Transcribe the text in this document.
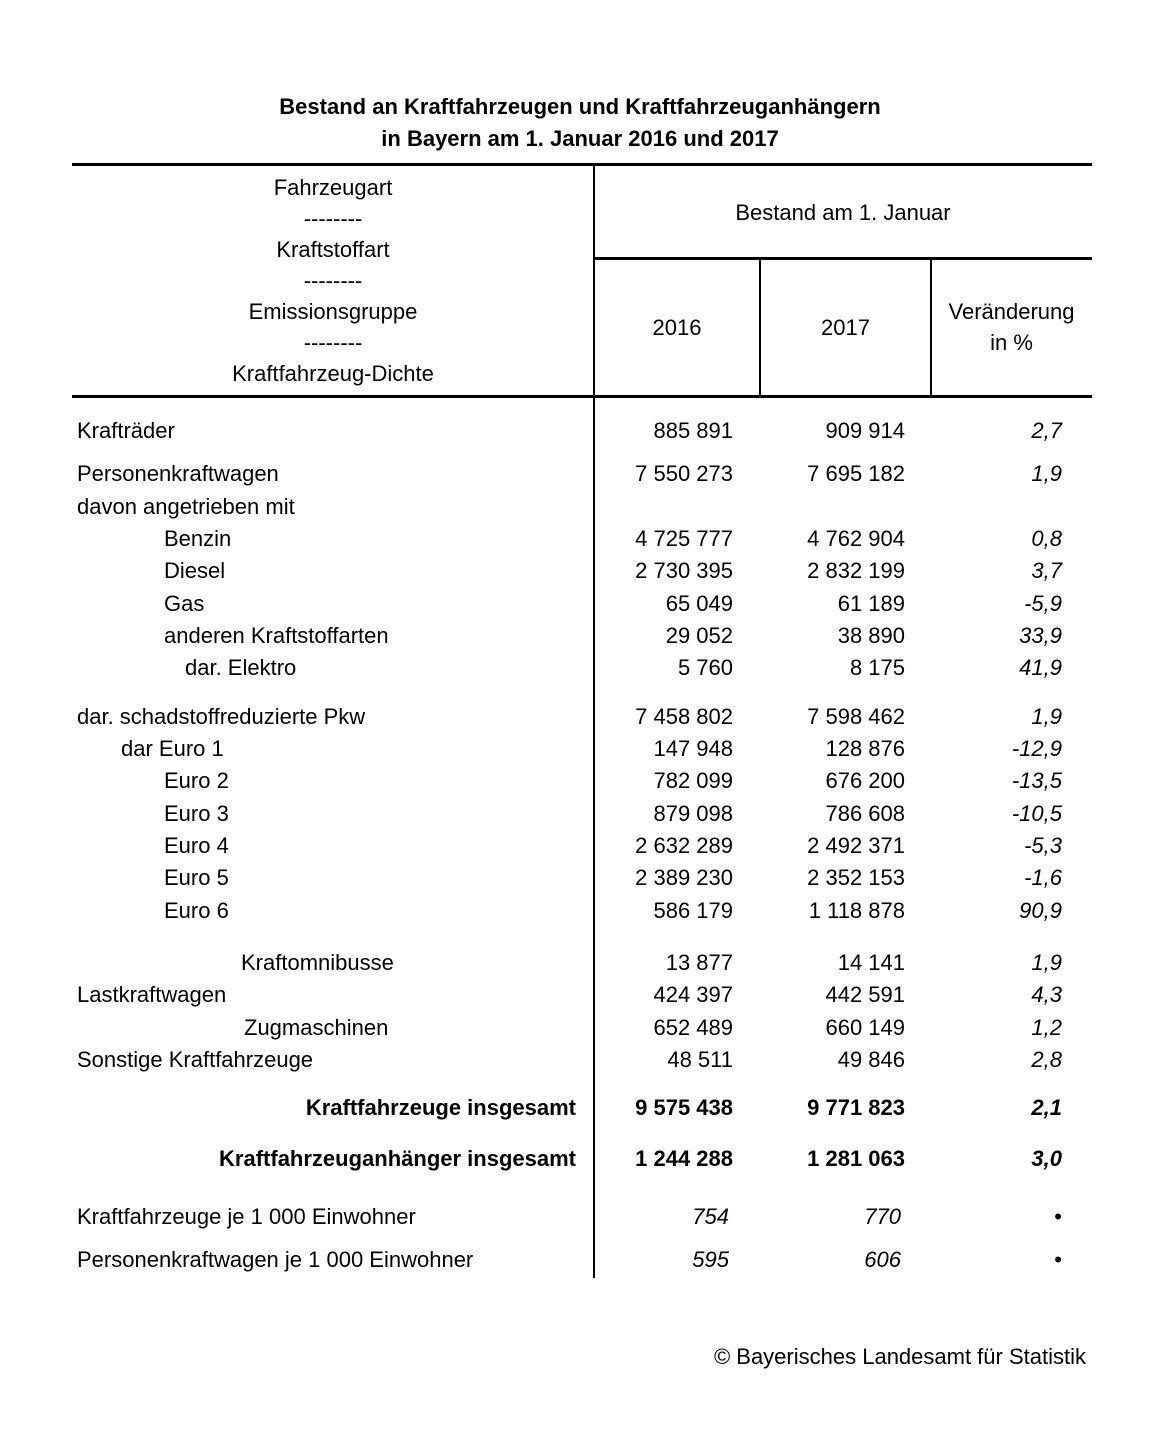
Bestand an Kraftfahrzeugen und Kraftfahrzeuganhängern
in Bayern am 1. Januar 2016 und 2017
Fahrzeugart
--------
Kraftstoffart
--------
Emissionsgruppe
--------
Kraftfahrzeug-Dichte
Bestand am 1. Januar
2016	2017
Veränderung
in %
Krafträder	885 891	909 914	2,7
Personenkraftwagen	7 550 273	7 695 182	1,9
davon angetrieben mit
Benzin	4 725 777	4 762 904	0,8
Diesel	2 730 395	2 832 199	3,7
Gas	65 049	61 189	-5,9
anderen Kraftstoffarten	29 052	38 890	33,9
dar. Elektro	5 760	8 175	41,9
dar. schadstoffreduzierte Pkw	7 458 802	7 598 462	1,9
dar Euro 1	147 948	128 876	-12,9
Euro 2	782 099	676 200	-13,5
Euro 3	879 098	786 608	-10,5
Euro 4	2 632 289	2 492 371	-5,3
Euro 5	2 389 230	2 352 153	-1,6
Euro 6	586 179	1 118 878	90,9
Kraftomnibusse	13 877	14 141	1,9
Lastkraftwagen	424 397	442 591	4,3
Zugmaschinen	652 489	660 149	1,2
Sonstige Kraftfahrzeuge	48 511	49 846	2,8
Kraftfahrzeuge insgesamt	9 575 438	9 771 823	2,1
Kraftfahrzeuganhänger insgesamt	1 244 288	1 281 063	3,0
Kraftfahrzeuge je 1 000 Einwohner	754	770	•
Personenkraftwagen je 1 000 Einwohner	595	606	•
© Bayerisches Landesamt für Statistik
